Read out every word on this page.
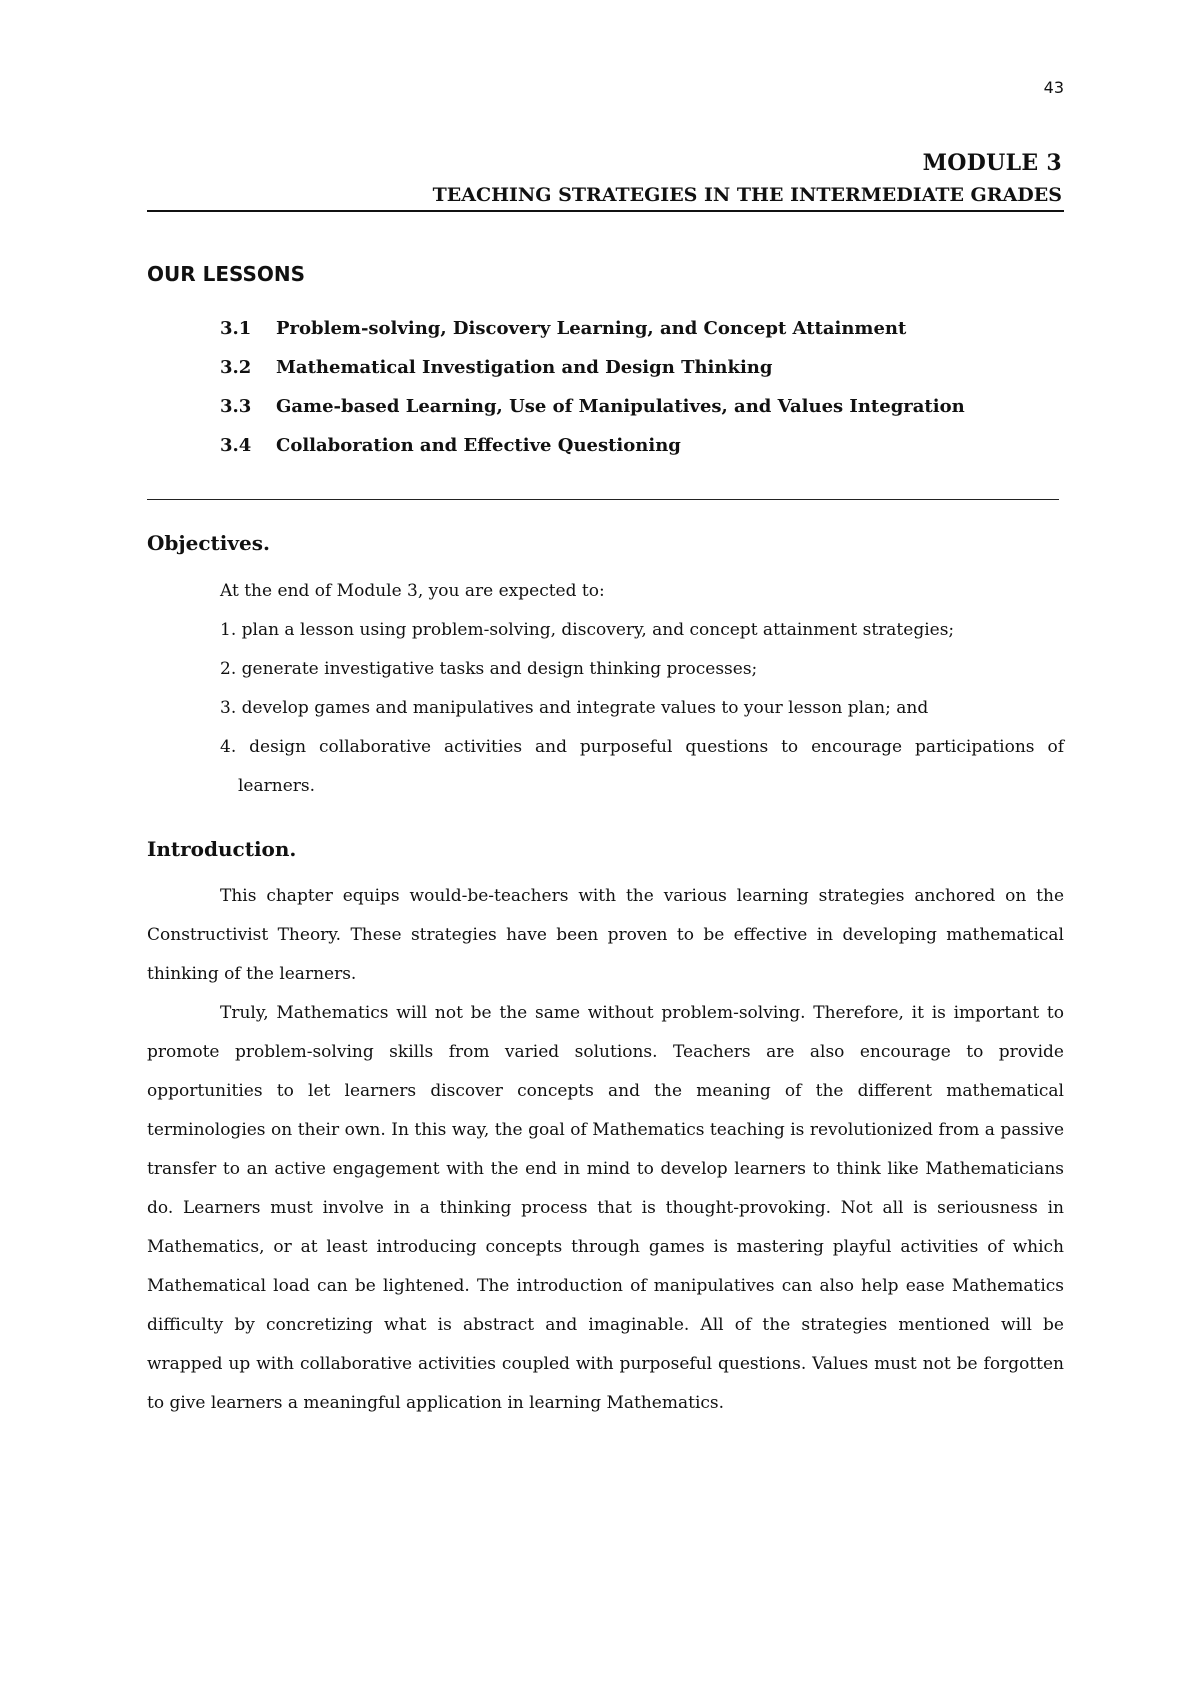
43
MODULE 3
TEACHING STRATEGIES IN THE INTERMEDIATE GRADES
OUR LESSONS
3.1	Problem-solving, Discovery Learning, and Concept Attainment
3.2	Mathematical Investigation and Design Thinking
3.3	Game-based Learning, Use of Manipulatives, and Values Integration
3.4	Collaboration and Effective Questioning
Objectives.
At the end of Module 3, you are expected to:
1. plan a lesson using problem-solving, discovery, and concept attainment strategies;
2. generate investigative tasks and design thinking processes;
3. develop games and manipulatives and integrate values to your lesson plan; and
4. design collaborative activities and purposeful questions to encourage participations of learners.
Introduction.

This chapter equips would-be-teachers with the various learning strategies anchored on the Constructivist Theory. These strategies have been proven to be effective in developing mathematical thinking of the learners.

Truly, Mathematics will not be the same without problem-solving. Therefore, it is important to promote problem-solving skills from varied solutions. Teachers are also encourage to provide opportunities to let learners discover concepts and the meaning of the different mathematical terminologies on their own. In this way, the goal of Mathematics teaching is revolutionized from a passive transfer to an active engagement with the end in mind to develop learners to think like Mathematicians do. Learners must involve in a thinking process that is thought-provoking. Not all is seriousness in Mathematics, or at least introducing concepts through games is mastering playful activities of which Mathematical load can be lightened. The introduction of manipulatives can also help ease Mathematics difficulty by concretizing what is abstract and imaginable. All of the strategies mentioned will be wrapped up with collaborative activities coupled with purposeful questions. Values must not be forgotten to give learners a meaningful application in learning Mathematics.
